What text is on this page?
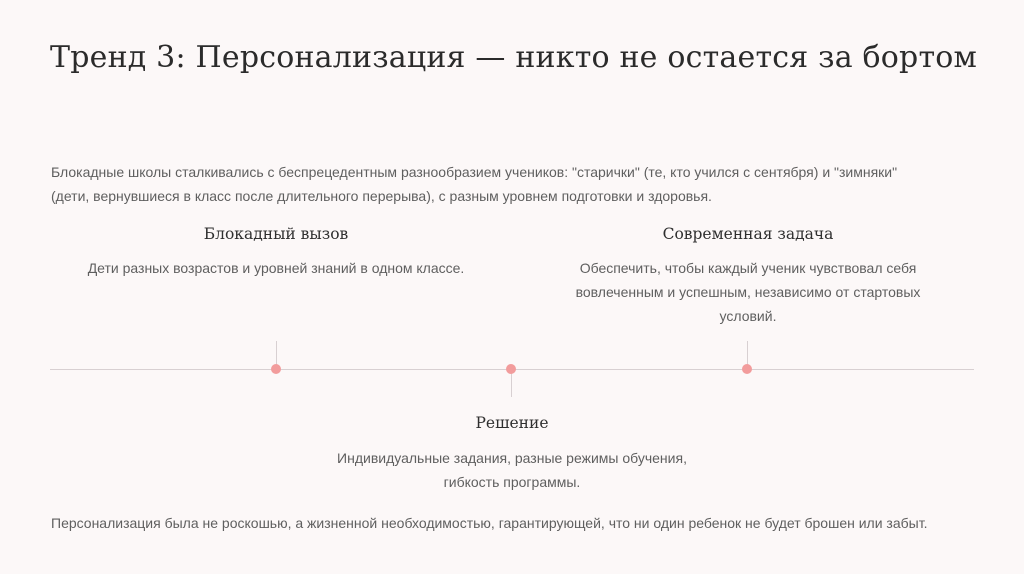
Тренд 3: Персонализация — никто не остается за бортом
Блокадные школы сталкивались с беспрецедентным разнообразием учеников: "старички" (те, кто учился с сентября) и "зимняки"
(дети, вернувшиеся в класс после длительного перерыва), с разным уровнем подготовки и здоровья.
Блокадный вызов
Дети разных возрастов и уровней знаний в одном классе.
Современная задача
Обеспечить, чтобы каждый ученик чувствовал себя
вовлеченным и успешным, независимо от стартовых
условий.
Решение
Индивидуальные задания, разные режимы обучения,
гибкость программы.
Персонализация была не роскошью, а жизненной необходимостью, гарантирующей, что ни один ребенок не будет брошен или забыт.
